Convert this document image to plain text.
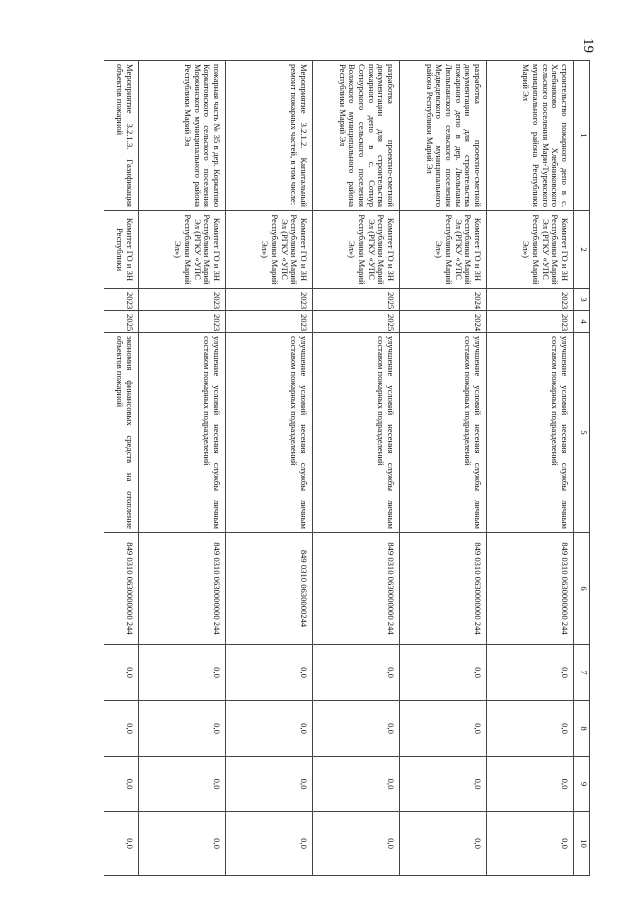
19
1	2	3	4	5	6	7	8	9	10
строительство пожарного депо в с. Хлебниково Хлебниковского сельского поселения Мари-Турекского муниципального района Республики Марий Эл	Комитет ГО и ЗН Республики Марий Эл (РГКУ «УПС Республики Марий Эл»)	2023	2023	улучшение условий несения службы личным составом пожарных подразделений	849 0310 0630000000 244	0,0	0,0	0,0	0,0
разработка проектно-сметной документации для строительства пожарного депо в дер. Люльпаны Люльпанского сельского поселения Медведевского муниципального района Республики Марий Эл	Комитет ГО и ЗН Республики Марий Эл (РГКУ «УПС Республики Марий Эл»)	2024	2024	улучшение условий несения службы личным составом пожарных подразделений	849 0310 0630000000 244	0,0	0,0	0,0	0,0
разработка проектно-сметной документации для строительства пожарного депо в с. Сотнур Сотнурского сельского поселения Волжского муниципального района Республики Марий Эл	Комитет ГО и ЗН Республики Марий Эл (РГКУ «УПС Республики Марий Эл»)	2025	2025	улучшение условий несения службы личным составом пожарных подразделений	849 0310 0630000000 244	0,0	0,0	0,0	0,0
Мероприятие 3.2.1.2. Капитальный ремонт пожарных частей, в том числе:	Комитет ГО и ЗН Республики Марий Эл (РГКУ «УПС Республики Марий Эл»)	2023	2023	улучшение условий несения службы личным составом пожарных подразделений	849 0310 0630000244	0,0	0,0	0,0	0,0
пожарная часть № 35 в дер. Коркатово Коркатовского сельского поселения Моркинского муниципального района Республики Марий Эл	Комитет ГО и ЗН Республики Марий Эл (РГКУ «УПС Республики Марий Эл»)	2023	2023	улучшение условий несения службы личным составом пожарных подразделений	849 0310 0630000000 244	0,0	0,0	0,0	0,0
Мероприятие 3.2.1.3. Газификация объектов пожарной	Комитет ГО и ЗН Республики	2023	2025	экономия финансовых средств на отопление объектов пожарной	849 0310 0630000000 244	0,0	0,0	0,0	0,0
